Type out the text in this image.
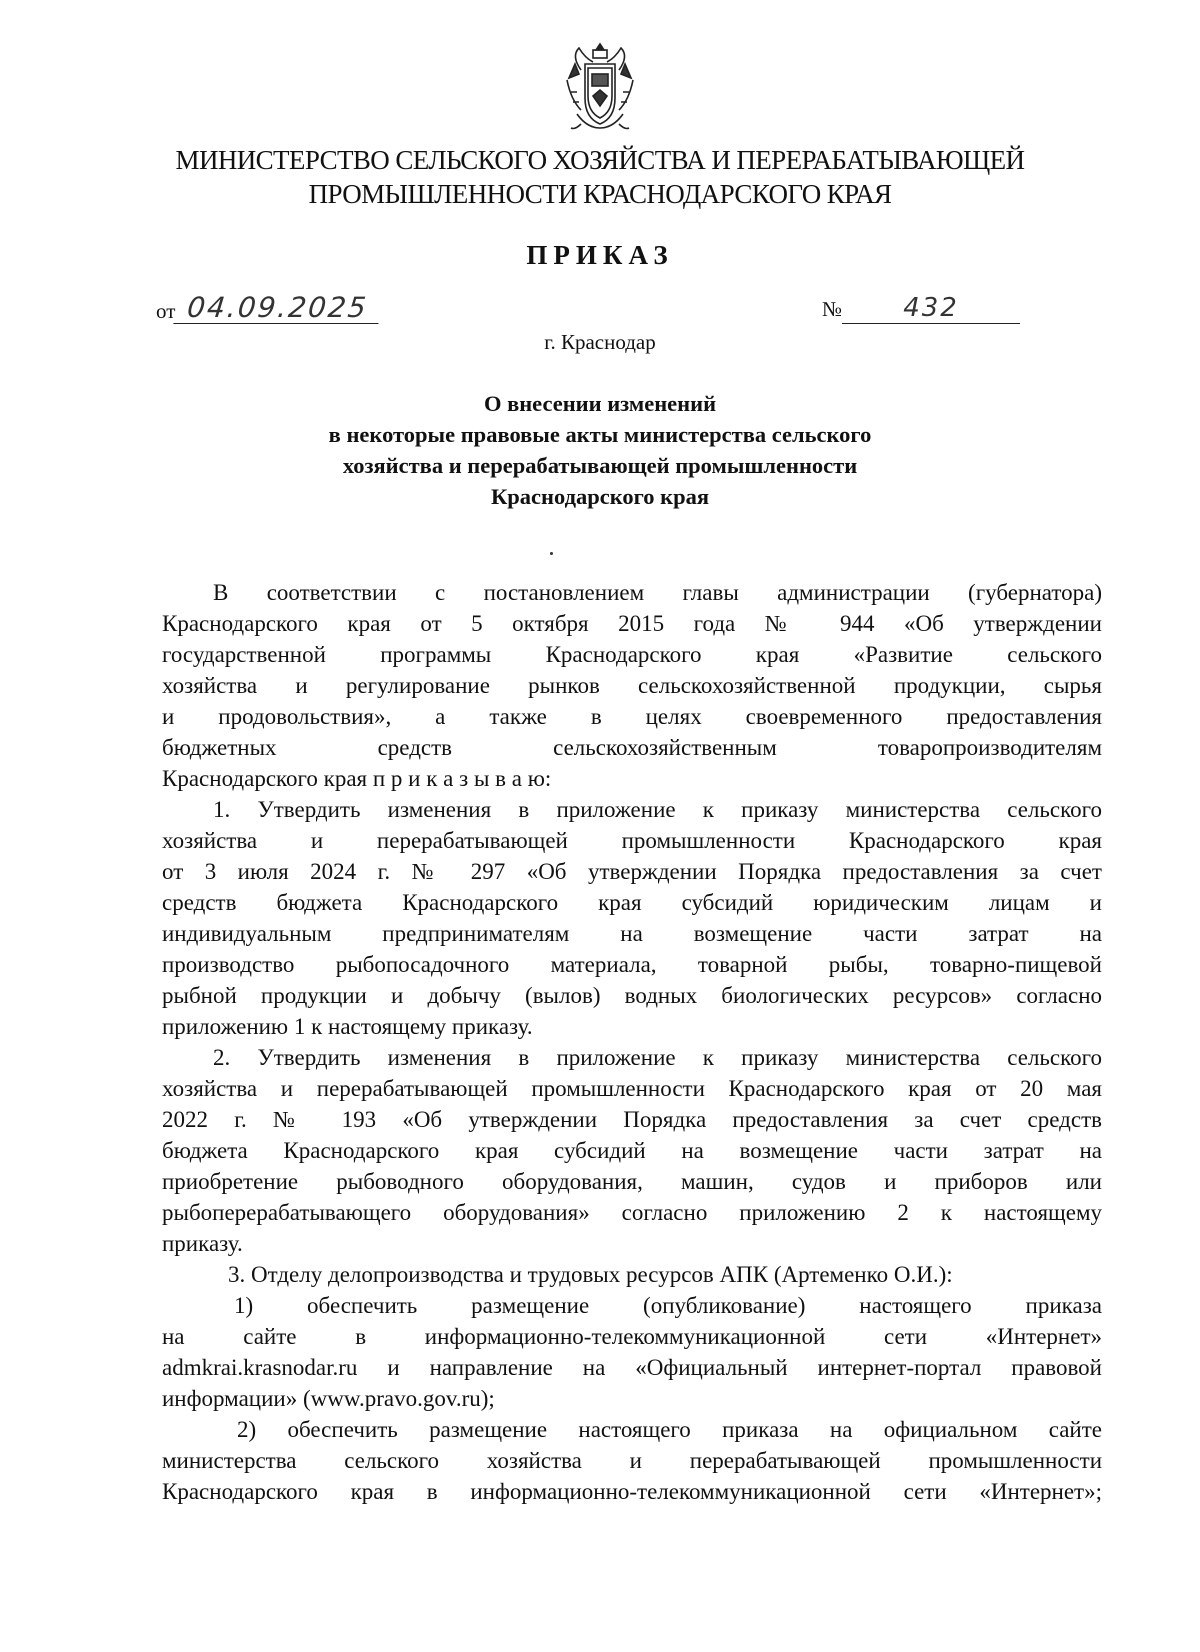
МИНИСТЕРСТВО СЕЛЬСКОГО ХОЗЯЙСТВА И ПЕРЕРАБАТЫВАЮЩЕЙ
ПРОМЫШЛЕННОСТИ КРАСНОДАРСКОГО КРАЯ
ПРИКАЗ
от 04.09.2025	№ 432
г. Краснодар
О внесении изменений
в некоторые правовые акты министерства сельского
хозяйства и перерабатывающей промышленности
Краснодарского края
В соответствии с постановлением главы администрации (губернатора)
Краснодарского края от 5 октября 2015 года № 944 «Об утверждении
государственной программы Краснодарского края «Развитие сельского
хозяйства и регулирование рынков сельскохозяйственной продукции, сырья
и продовольствия», а также в целях своевременного предоставления
бюджетных средств сельскохозяйственным товаропроизводителям
Краснодарского края п р и к а з ы в а ю:
1. Утвердить изменения в приложение к приказу министерства сельского
хозяйства и перерабатывающей промышленности Краснодарского края
от 3 июля 2024 г. № 297 «Об утверждении Порядка предоставления за счет
средств бюджета Краснодарского края субсидий юридическим лицам и
индивидуальным предпринимателям на возмещение части затрат на
производство рыбопосадочного материала, товарной рыбы, товарно-пищевой
рыбной продукции и добычу (вылов) водных биологических ресурсов» согласно
приложению 1 к настоящему приказу.
2. Утвердить изменения в приложение к приказу министерства сельского
хозяйства и перерабатывающей промышленности Краснодарского края от 20 мая
2022 г. № 193 «Об утверждении Порядка предоставления за счет средств
бюджета Краснодарского края субсидий на возмещение части затрат на
приобретение рыбоводного оборудования, машин, судов и приборов или
рыбоперерабатывающего оборудования» согласно приложению 2 к настоящему
приказу.
3. Отделу делопроизводства и трудовых ресурсов АПК (Артеменко О.И.):
1) обеспечить размещение (опубликование) настоящего приказа
на сайте в информационно-телекоммуникационной сети «Интернет»
admkrai.krasnodar.ru и направление на «Официальный интернет-портал правовой
информации» (www.pravo.gov.ru);
2) обеспечить размещение настоящего приказа на официальном сайте
министерства сельского хозяйства и перерабатывающей промышленности
Краснодарского края в информационно-телекоммуникационной сети «Интернет»;
